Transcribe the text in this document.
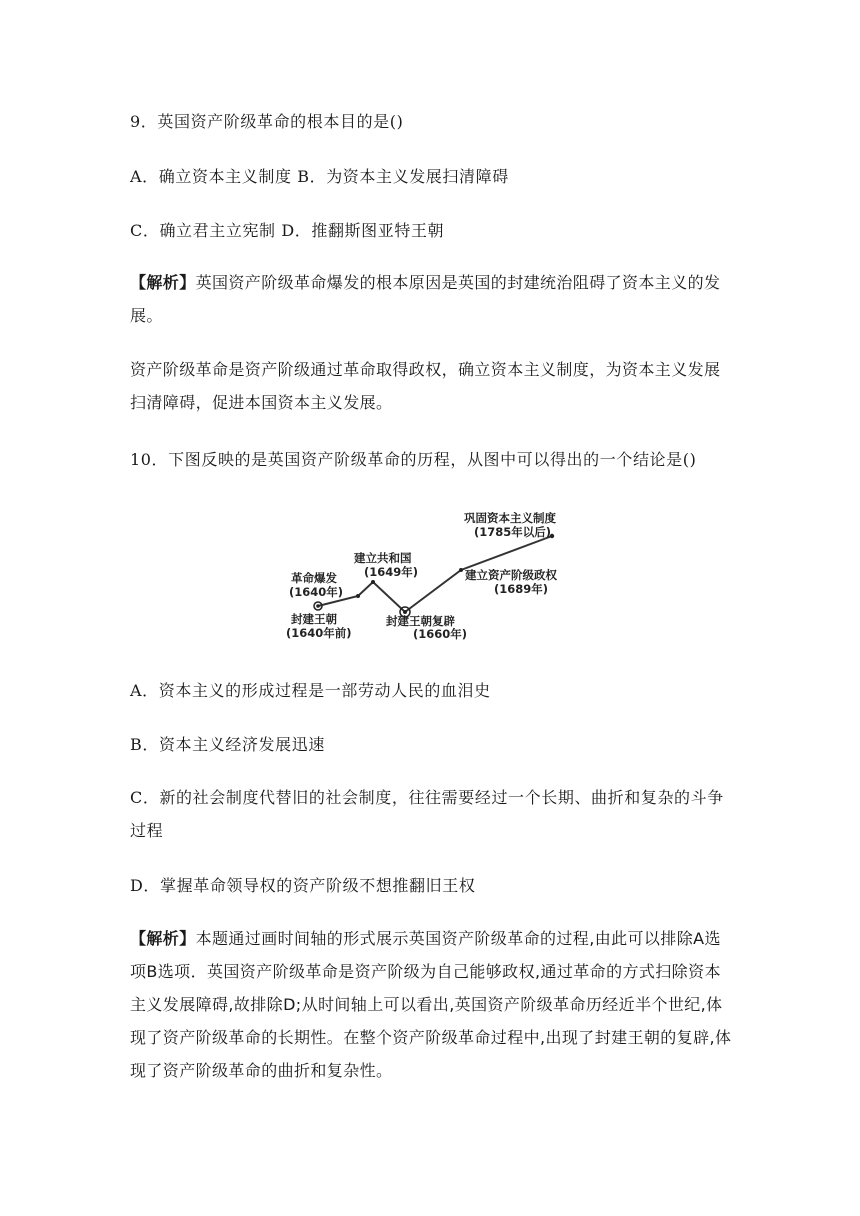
9．英国资产阶级革命的根本目的是()
A．确立资本主义制度 B．为资本主义发展扫清障碍
C．确立君主立宪制 D．推翻斯图亚特王朝
【解析】英国资产阶级革命爆发的根本原因是英国的封建统治阻碍了资本主义的发展。
资产阶级革命是资产阶级通过革命取得政权，确立资本主义制度，为资本主义发展扫清障碍，促进本国资本主义发展。
10．下图反映的是英国资产阶级革命的历程，从图中可以得出的一个结论是()
封建王朝
(1640年前)
革命爆发
(1640年)
建立共和国
(1649年)
封建王朝复辟
(1660年)
建立资产阶级政权
(1689年)
巩固资本主义制度
(1785年以后)
A．资本主义的形成过程是一部劳动人民的血泪史
B．资本主义经济发展迅速
C．新的社会制度代替旧的社会制度，往往需要经过一个长期、曲折和复杂的斗争过程
D．掌握革命领导权的资产阶级不想推翻旧王权
【解析】本题通过画时间轴的形式展示英国资产阶级革命的过程,由此可以排除A选项B选项．英国资产阶级革命是资产阶级为自己能够政权,通过革命的方式扫除资本主义发展障碍,故排除D;从时间轴上可以看出,英国资产阶级革命历经近半个世纪,体现了资产阶级革命的长期性。在整个资产阶级革命过程中,出现了封建王朝的复辟,体现了资产阶级革命的曲折和复杂性。
